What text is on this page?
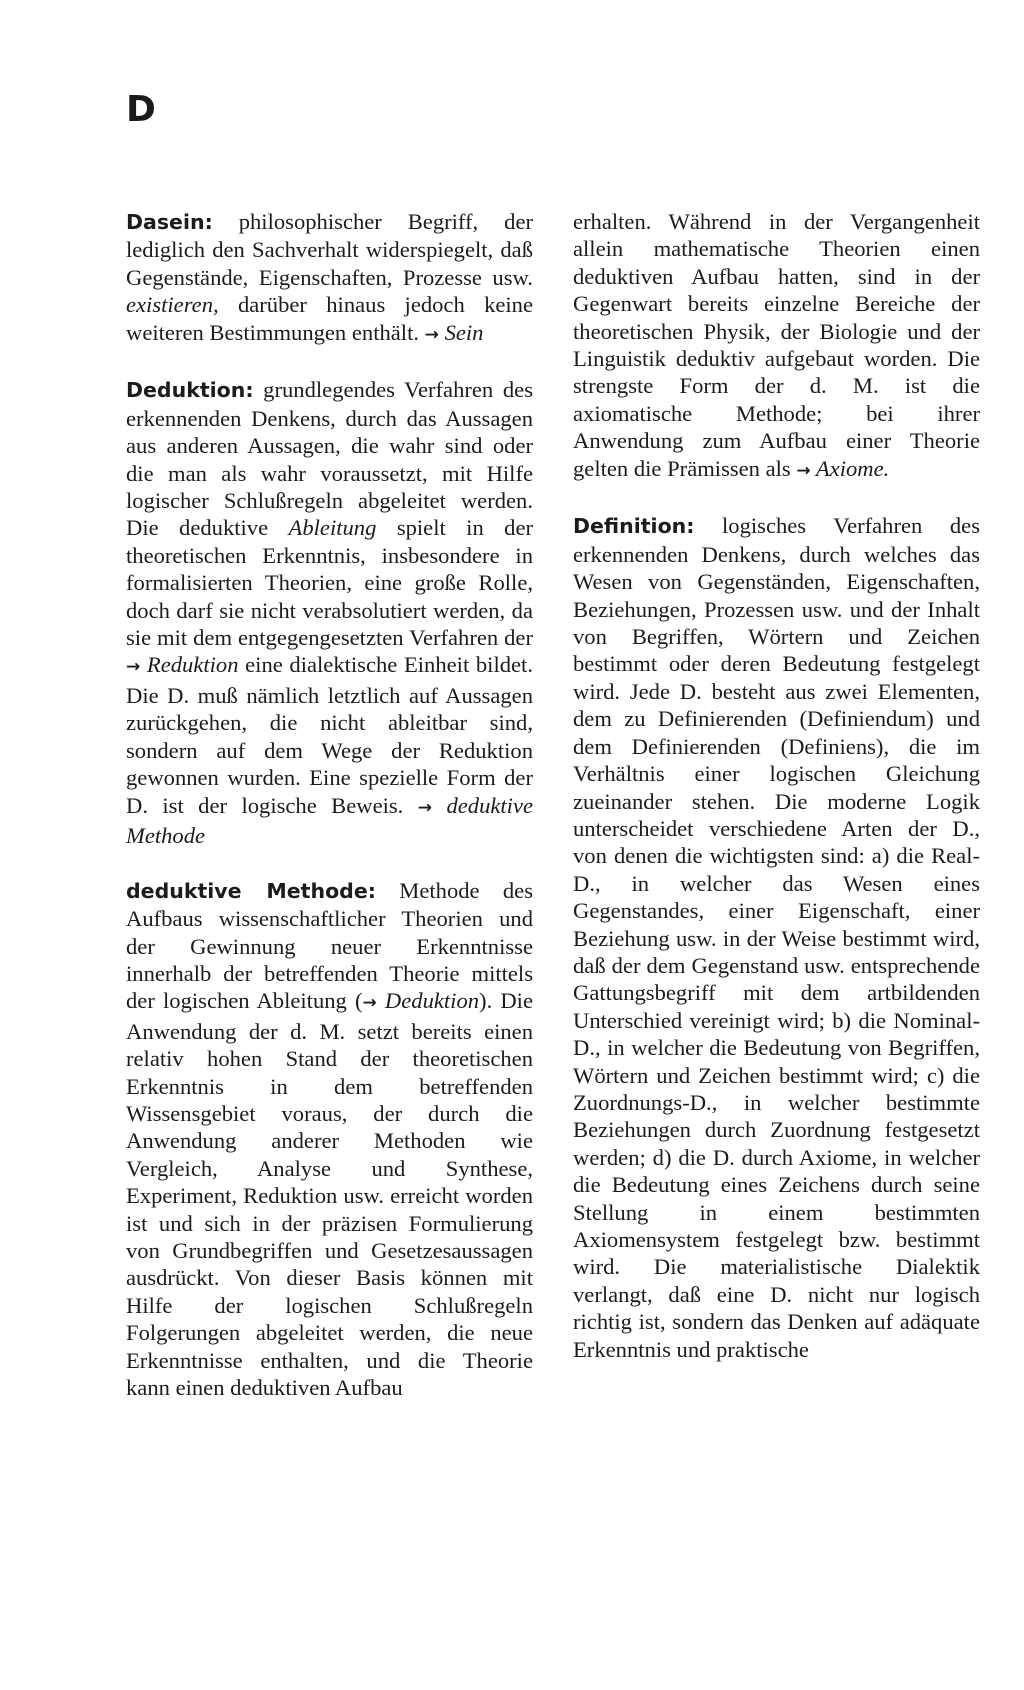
D

Dasein: philosophischer Begriff, der lediglich den Sachverhalt widerspiegelt, daß Gegenstände, Eigenschaften, Prozesse usw. existieren, darüber hinaus jedoch keine weiteren Bestimmungen enthält. → Sein

Deduktion: grundlegendes Verfahren des erkennenden Denkens, durch das Aussagen aus anderen Aussagen, die wahr sind oder die man als wahr voraussetzt, mit Hilfe logischer Schlußregeln abgeleitet werden. Die deduktive Ableitung spielt in der theoretischen Erkenntnis, insbesondere in formalisierten Theorien, eine große Rolle, doch darf sie nicht verabsolutiert werden, da sie mit dem entgegengesetzten Verfahren der → Reduktion eine dialektische Einheit bildet. Die D. muß nämlich letztlich auf Aussagen zurückgehen, die nicht ableitbar sind, sondern auf dem Wege der Reduktion gewonnen wurden. Eine spezielle Form der D. ist der logische Beweis. → deduktive Methode

deduktive Methode: Methode des Aufbaus wissenschaftlicher Theorien und der Gewinnung neuer Erkenntnisse innerhalb der betreffenden Theorie mittels der logischen Ableitung (→ Deduktion). Die Anwendung der d. M. setzt bereits einen relativ hohen Stand der theoretischen Erkenntnis in dem betreffenden Wissensgebiet voraus, der durch die Anwendung anderer Methoden wie Vergleich, Analyse und Synthese, Experiment, Reduktion usw. erreicht worden ist und sich in der präzisen Formulierung von Grundbegriffen und Gesetzesaussagen ausdrückt. Von dieser Basis können mit Hilfe der logischen Schlußregeln Folgerungen abgeleitet werden, die neue Erkenntnisse enthalten, und die Theorie kann einen deduktiven Aufbau

erhalten. Während in der Vergangenheit allein mathematische Theorien einen deduktiven Aufbau hatten, sind in der Gegenwart bereits einzelne Bereiche der theoretischen Physik, der Biologie und der Linguistik deduktiv aufgebaut worden. Die strengste Form der d. M. ist die axiomatische Methode; bei ihrer Anwendung zum Aufbau einer Theorie gelten die Prämissen als → Axiome.

Definition: logisches Verfahren des erkennenden Denkens, durch welches das Wesen von Gegenständen, Eigenschaften, Beziehungen, Prozessen usw. und der Inhalt von Begriffen, Wörtern und Zeichen bestimmt oder deren Bedeutung festgelegt wird. Jede D. besteht aus zwei Elementen, dem zu Definierenden (Definiendum) und dem Definierenden (Definiens), die im Verhältnis einer logischen Gleichung zueinander stehen. Die moderne Logik unterscheidet verschiedene Arten der D., von denen die wichtigsten sind: a) die Real-D., in welcher das Wesen eines Gegenstandes, einer Eigenschaft, einer Beziehung usw. in der Weise bestimmt wird, daß der dem Gegenstand usw. entsprechende Gattungsbegriff mit dem artbildenden Unterschied vereinigt wird; b) die Nominal-D., in welcher die Bedeutung von Begriffen, Wörtern und Zeichen bestimmt wird; c) die Zuordnungs-D., in welcher bestimmte Beziehungen durch Zuordnung festgesetzt werden; d) die D. durch Axiome, in welcher die Bedeutung eines Zeichens durch seine Stellung in einem bestimmten Axiomensystem festgelegt bzw. bestimmt wird. Die materialistische Dialektik verlangt, daß eine D. nicht nur logisch richtig ist, sondern das Denken auf adäquate Erkenntnis und praktische
